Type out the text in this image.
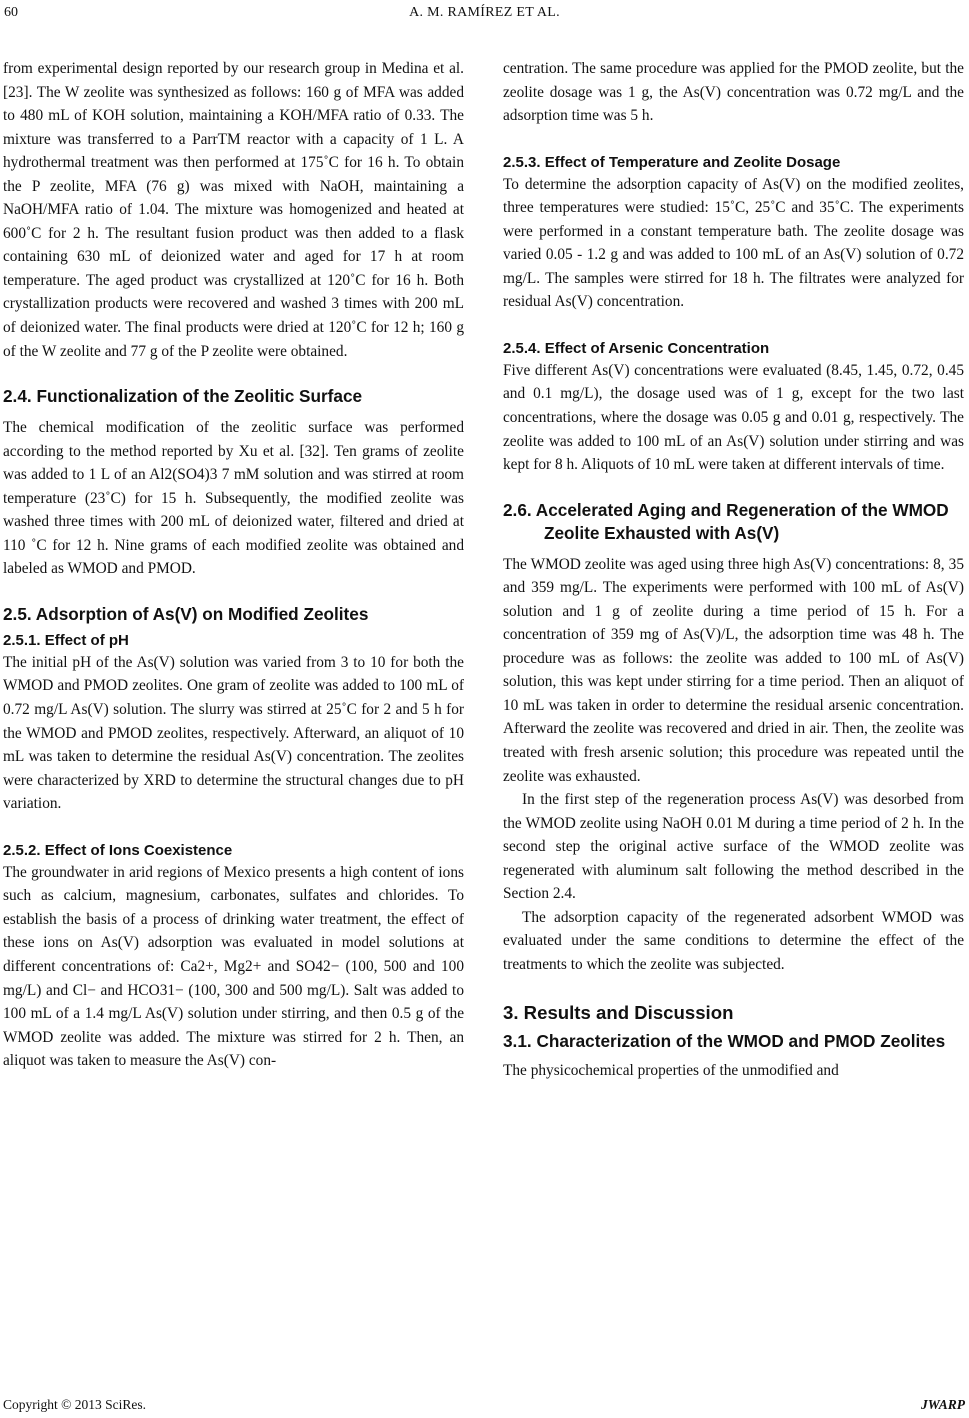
60	A. M. RAMÍREZ ET AL.

from experimental design reported by our research group in Medina et al. [23]. The W zeolite was synthesized as follows: 160 g of MFA was added to 480 mL of KOH solution, maintaining a KOH/MFA ratio of 0.33. The mixture was transferred to a ParrTM reactor with a capacity of 1 L. A hydrothermal treatment was then performed at 175˚C for 16 h. To obtain the P zeolite, MFA (76 g) was mixed with NaOH, maintaining a NaOH/MFA ratio of 1.04. The mixture was homogenized and heated at 600˚C for 2 h. The resultant fusion product was then added to a flask containing 630 mL of deionized water and aged for 17 h at room temperature. The aged product was crystallized at 120˚C for 16 h. Both crystallization products were recovered and washed 3 times with 200 mL of deionized water. The final products were dried at 120˚C for 12 h; 160 g of the W zeolite and 77 g of the P zeolite were obtained.

2.4. Functionalization of the Zeolitic Surface

The chemical modification of the zeolitic surface was performed according to the method reported by Xu et al. [32]. Ten grams of zeolite was added to 1 L of an Al2(SO4)3 7 mM solution and was stirred at room temperature (23˚C) for 15 h. Subsequently, the modified zeolite was washed three times with 200 mL of deionized water, filtered and dried at 110 ˚C for 12 h. Nine grams of each modified zeolite was obtained and labeled as WMOD and PMOD.

2.5. Adsorption of As(V) on Modified Zeolites
2.5.1. Effect of pH

The initial pH of the As(V) solution was varied from 3 to 10 for both the WMOD and PMOD zeolites. One gram of zeolite was added to 100 mL of 0.72 mg/L As(V) solution. The slurry was stirred at 25˚C for 2 and 5 h for the WMOD and PMOD zeolites, respectively. Afterward, an aliquot of 10 mL was taken to determine the residual As(V) concentration. The zeolites were characterized by XRD to determine the structural changes due to pH variation.

2.5.2. Effect of Ions Coexistence

The groundwater in arid regions of Mexico presents a high content of ions such as calcium, magnesium, carbonates, sulfates and chlorides. To establish the basis of a process of drinking water treatment, the effect of these ions on As(V) adsorption was evaluated in model solutions at different concentrations of: Ca2+, Mg2+ and SO42− (100, 500 and 100 mg/L) and Cl− and HCO31− (100, 300 and 500 mg/L). Salt was added to 100 mL of a 1.4 mg/L As(V) solution under stirring, and then 0.5 g of the WMOD zeolite was added. The mixture was stirred for 2 h. Then, an aliquot was taken to measure the As(V) con-

centration. The same procedure was applied for the PMOD zeolite, but the zeolite dosage was 1 g, the As(V) concentration was 0.72 mg/L and the adsorption time was 5 h.

2.5.3. Effect of Temperature and Zeolite Dosage

To determine the adsorption capacity of As(V) on the modified zeolites, three temperatures were studied: 15˚C, 25˚C and 35˚C. The experiments were performed in a constant temperature bath. The zeolite dosage was varied 0.05 - 1.2 g and was added to 100 mL of an As(V) solution of 0.72 mg/L. The samples were stirred for 18 h. The filtrates were analyzed for residual As(V) concentration.

2.5.4. Effect of Arsenic Concentration

Five different As(V) concentrations were evaluated (8.45, 1.45, 0.72, 0.45 and 0.1 mg/L), the dosage used was of 1 g, except for the two last concentrations, where the dosage was 0.05 g and 0.01 g, respectively. The zeolite was added to 100 mL of an As(V) solution under stirring and was kept for 8 h. Aliquots of 10 mL were taken at different intervals of time.

2.6. Accelerated Aging and Regeneration of the WMOD Zeolite Exhausted with As(V)

The WMOD zeolite was aged using three high As(V) concentrations: 8, 35 and 359 mg/L. The experiments were performed with 100 mL of As(V) solution and 1 g of zeolite during a time period of 15 h. For a concentration of 359 mg of As(V)/L, the adsorption time was 48 h. The procedure was as follows: the zeolite was added to 100 mL of As(V) solution, this was kept under stirring for a time period. Then an aliquot of 10 mL was taken in order to determine the residual arsenic concentration. Afterward the zeolite was recovered and dried in air. Then, the zeolite was treated with fresh arsenic solution; this procedure was repeated until the zeolite was exhausted.

In the first step of the regeneration process As(V) was desorbed from the WMOD zeolite using NaOH 0.01 M during a time period of 2 h. In the second step the original active surface of the WMOD zeolite was regenerated with aluminum salt following the method described in the Section 2.4.

The adsorption capacity of the regenerated adsorbent WMOD was evaluated under the same conditions to determine the effect of the treatments to which the zeolite was subjected.

3. Results and Discussion
3.1. Characterization of the WMOD and PMOD Zeolites

The physicochemical properties of the unmodified and

Copyright © 2013 SciRes.	JWARP
